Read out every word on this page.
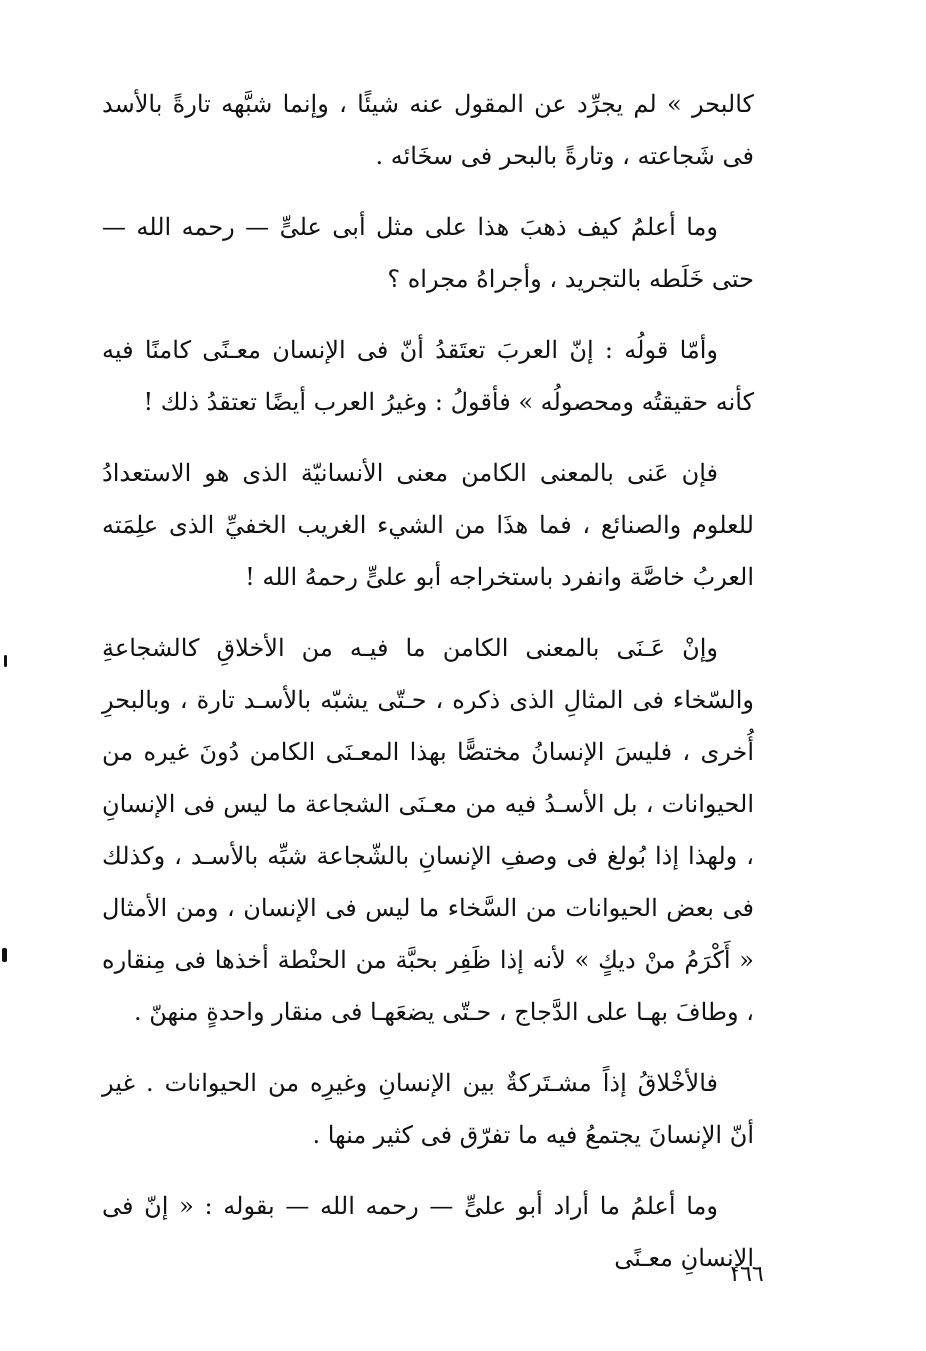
كالبحر » لم يجرِّد عن المقول عنه شيئًا ، وإنما شبَّهه تارةً بالأسد فى شَجاعته ، وتارةً بالبحر فى سخَائه .

وما أعلمُ كيف ذهبَ هذا على مثل أبى علىٍّ — رحمه الله — حتى خَلَطه بالتجريد ، وأجراهُ مجراه ؟

وأمّا قولُه : إنّ العربَ تعتَقدُ أنّ فى الإنسان معـنًى كامنًا فيه كأنه حقيقتُه ومحصولُه » فأقولُ : وغيرُ العرب أيضًا تعتقدُ ذلك !

فإن عَنى بالمعنى الكامن معنى الأنسانيّة الذى هو الاستعدادُ للعلوم والصنائع ، فما هذَا من الشيء الغريب الخفيِّ الذى علِمَته العربُ خاصَّة وانفرد باستخراجه أبو علىٍّ رحمهُ الله !

وإنْ عَـنَى بالمعنى الكامن ما فيـه من الأخلاقِ كالشجاعةِ والسّخاء فى المثالِ الذى ذكره ، حـتّى يشبّه بالأسـد تارة ، وبالبحرِ أُخرى ، فليسَ الإنسانُ مختصًّا بهذا المعـنَى الكامن دُونَ غيره من الحيوانات ، بل الأسـدُ فيه من معـنَى الشجاعة ما ليس فى الإنسانِ ، ولهذا إذا بُولغ فى وصفِ الإنسانِ بالشّجاعة شبِّه بالأسـد ، وكذلك فى بعض الحيوانات من السَّخاء ما ليس فى الإنسان ، ومن الأمثال « أَكْرَمُ منْ ديكٍ » لأنه إذا ظَفِر بحبَّة من الحنْطة أخذها فى مِنقاره ، وطافَ بهـا على الدَّجاج ، حـتّى يضعَهـا فى منقار واحدةٍ منهنّ .

فالأخْلاقُ إذاً مشـتَركةٌ بين الإنسانِ وغيرِه من الحيوانات . غير أنّ الإنسانَ يجتمعُ فيه ما تفرّق فى كثير منها .

وما أعلمُ ما أراد أبو علىٍّ — رحمه الله — بقوله : « إنّ فى الإنسانِ معـنًى

١٦٦
